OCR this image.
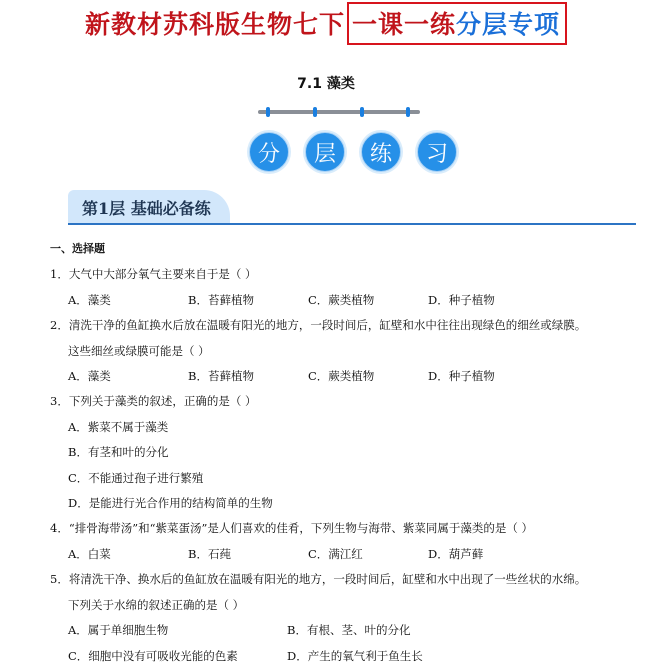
新教材 苏科版生物七下 一课一练分层专项
7.1 藻类
分	层	练	习
第1层 基础必备练
一、选择题
1．大气中大部分氧气主要来自于是（ ）
A．藻类	B．苔藓植物	C．蕨类植物	D．种子植物
2．清洗干净的鱼缸换水后放在温暖有阳光的地方，一段时间后，缸壁和水中往往出现绿色的细丝或绿膜。
这些细丝或绿膜可能是（ ）
A．藻类	B．苔藓植物	C．蕨类植物	D．种子植物
3．下列关于藻类的叙述，正确的是（ ）
A．紫菜不属于藻类
B．有茎和叶的分化
C．不能通过孢子进行繁殖
D．是能进行光合作用的结构简单的生物
4．“排骨海带汤”和“紫菜蛋汤”是人们喜欢的佳肴，下列生物与海带、紫菜同属于藻类的是（ ）
A．白菜	B．石莼	C．满江红	D．葫芦藓
5．将清洗干净、换水后的鱼缸放在温暖有阳光的地方，一段时间后，缸壁和水中出现了一些丝状的水绵。
下列关于水绵的叙述正确的是（ ）
A．属于单细胞生物	B．有根、茎、叶的分化
C．细胞中没有可吸收光能的色素	D．产生的氧气利于鱼生长
